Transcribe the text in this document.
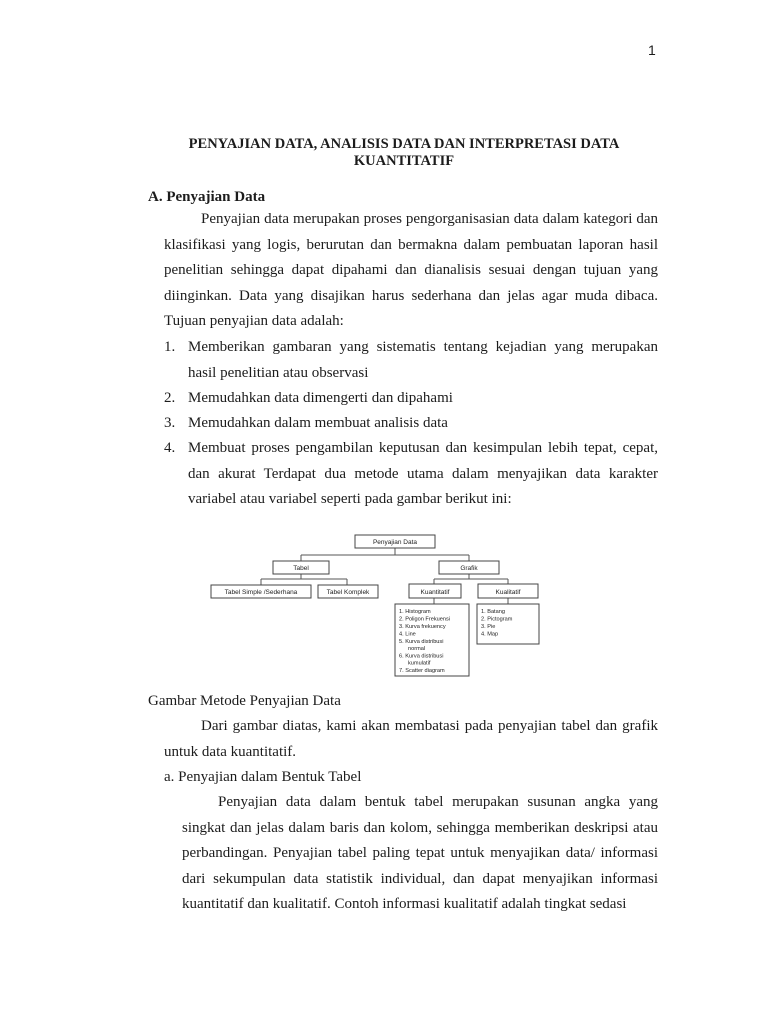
1
PENYAJIAN DATA, ANALISIS DATA DAN INTERPRETASI DATA KUANTITATIF
A. Penyajian Data
Penyajian data merupakan proses pengorganisasian data dalam kategori dan klasifikasi yang logis, berurutan dan bermakna dalam pembuatan laporan hasil penelitian sehingga dapat dipahami dan dianalisis sesuai dengan tujuan yang diinginkan. Data yang disajikan harus sederhana dan jelas agar muda dibaca. Tujuan penyajian data adalah:
1. Memberikan gambaran yang sistematis tentang kejadian yang merupakan hasil penelitian atau observasi
2. Memudahkan data dimengerti dan dipahami
3. Memudahkan dalam membuat analisis data
4. Membuat proses pengambilan keputusan dan kesimpulan lebih tepat, cepat, dan akurat Terdapat dua metode utama dalam menyajikan data karakter variabel atau variabel seperti pada gambar berikut ini:
Penyajian Data
Tabel	Grafik
Tabel Simple /Sederhana	Tabel Komplek	Kuantitatif	Kualitatif
1. Histogram
2. Poligon Frekuensi
3. Kurva frekuency
4. Line
5. Kurva distribusi
normal
6. Kurva distribusi
kumulatif
7. Scatter diagram
1. Batang
2. Pictogram
3. Pie
4. Map
Gambar Metode Penyajian Data
Dari gambar diatas, kami akan membatasi pada penyajian tabel dan grafik untuk data kuantitatif.
a. Penyajian dalam Bentuk Tabel
Penyajian data dalam bentuk tabel merupakan susunan angka yang singkat dan jelas dalam baris dan kolom, sehingga memberikan deskripsi atau perbandingan. Penyajian tabel paling tepat untuk menyajikan data/ informasi dari sekumpulan data statistik individual, dan dapat menyajikan informasi kuantitatif dan kualitatif. Contoh informasi kualitatif adalah tingkat sedasi
